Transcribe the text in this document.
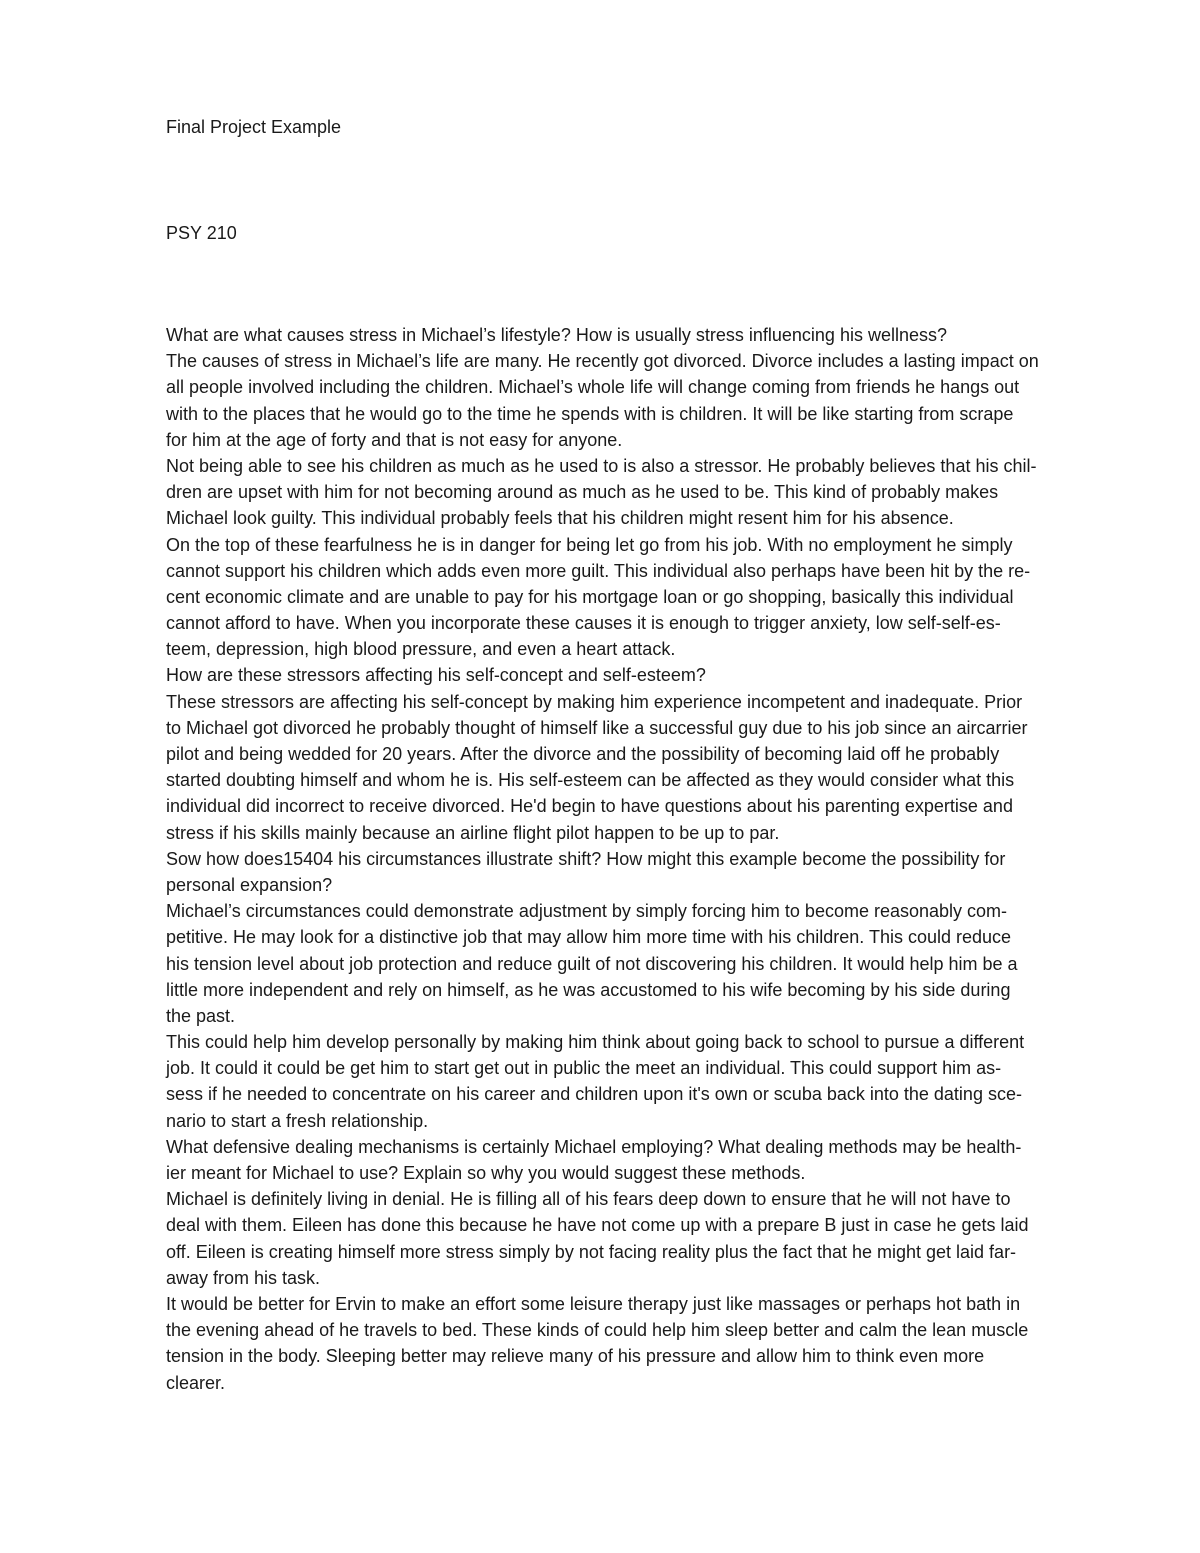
Final Project Example
PSY 210

What are what causes stress in Michael’s lifestyle? How is usually stress influencing his wellness?

The causes of stress in Michael’s life are many. He recently got divorced. Divorce includes a lasting impact on

all people involved including the children. Michael’s whole life will change coming from friends he hangs out

with to the places that he would go to the time he spends with is children. It will be like starting from scrape

for him at the age of forty and that is not easy for anyone.

Not being able to see his children as much as he used to is also a stressor. He probably believes that his chil-

dren are upset with him for not becoming around as much as he used to be. This kind of probably makes

Michael look guilty. This individual probably feels that his children might resent him for his absence.

On the top of these fearfulness he is in danger for being let go from his job. With no employment he simply

cannot support his children which adds even more guilt. This individual also perhaps have been hit by the re-

cent economic climate and are unable to pay for his mortgage loan or go shopping, basically this individual

cannot afford to have. When you incorporate these causes it is enough to trigger anxiety, low self-self-es-

teem, depression, high blood pressure, and even a heart attack.

How are these stressors affecting his self-concept and self-esteem?

These stressors are affecting his self-concept by making him experience incompetent and inadequate. Prior

to Michael got divorced he probably thought of himself like a successful guy due to his job since an aircarrier

pilot and being wedded for 20 years. After the divorce and the possibility of becoming laid off he probably

started doubting himself and whom he is. His self-esteem can be affected as they would consider what this

individual did incorrect to receive divorced. He'd begin to have questions about his parenting expertise and

stress if his skills mainly because an airline flight pilot happen to be up to par.

Sow how does15404 his circumstances illustrate shift? How might this example become the possibility for

personal expansion?

Michael’s circumstances could demonstrate adjustment by simply forcing him to become reasonably com-

petitive. He may look for a distinctive job that may allow him more time with his children. This could reduce

his tension level about job protection and reduce guilt of not discovering his children. It would help him be a

little more independent and rely on himself, as he was accustomed to his wife becoming by his side during

the past.

This could help him develop personally by making him think about going back to school to pursue a different

job. It could it could be get him to start get out in public the meet an individual. This could support him as-

sess if he needed to concentrate on his career and children upon it's own or scuba back into the dating sce-

nario to start a fresh relationship.

What defensive dealing mechanisms is certainly Michael employing? What dealing methods may be health-

ier meant for Michael to use? Explain so why you would suggest these methods.

Michael is definitely living in denial. He is filling all of his fears deep down to ensure that he will not have to

deal with them. Eileen has done this because he have not come up with a prepare B just in case he gets laid

off. Eileen is creating himself more stress simply by not facing reality plus the fact that he might get laid far-

away from his task.

It would be better for Ervin to make an effort some leisure therapy just like massages or perhaps hot bath in

the evening ahead of he travels to bed. These kinds of could help him sleep better and calm the lean muscle

tension in the body. Sleeping better may relieve many of his pressure and allow him to think even more

clearer.
